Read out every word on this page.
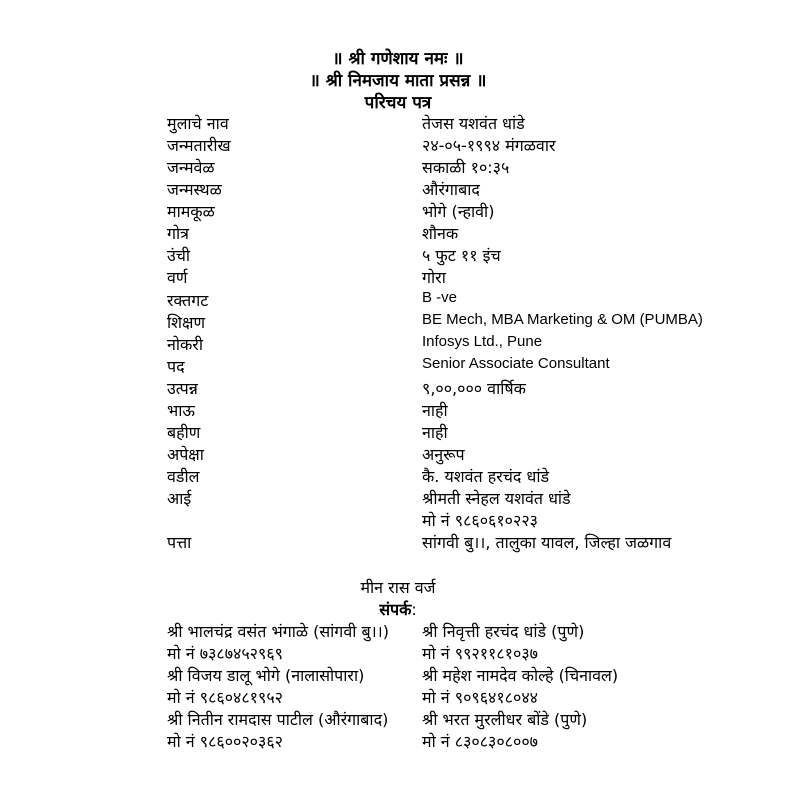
॥ श्री गणेशाय नमः ॥
॥ श्री निमजाय माता प्रसन्न ॥
परिचय पत्र
मुलाचे नाव	तेजस यशवंत धांडे
जन्मतारीख	२४-०५-१९९४ मंगळवार
जन्मवेळ	सकाळी १०:३५
जन्मस्थळ	औरंगाबाद
मामकूळ	भोगे (न्हावी)
गोत्र	शौनक
उंची	५ फुट ११ इंच
वर्ण	गोरा
रक्तगट	B -ve
शिक्षण	BE Mech, MBA Marketing & OM (PUMBA)
नोकरी	Infosys Ltd., Pune
पद	Senior Associate Consultant
उत्पन्न	९,००,००० वार्षिक
भाऊ	नाही
बहीण	नाही
अपेक्षा	अनुरूप
वडील	कै. यशवंत हरचंद धांडे
आई	श्रीमती स्नेहल यशवंत धांडे
मो नं ९८६०६१०२२३
पत्ता	सांगवी बु।।, तालुका यावल, जिल्हा जळगाव
मीन रास वर्ज
संपर्क:
श्री भालचंद्र वसंत भंगाळे (सांगवी बु।।) श्री निवृत्ती हरचंद धांडे (पुणे)
मो नं ७३८७४५२९६९	मो नं ९९२११८१०३७
श्री विजय डालू भोगे (नालासोपारा)	श्री महेश नामदेव कोल्हे (चिनावल)
मो नं ९८६०४८१९५२	मो नं ९०९६४१८०४४
श्री नितीन रामदास पाटील (औरंगाबाद) श्री भरत मुरलीधर बोंडे (पुणे)
मो नं ९८६००२०३६२	मो नं ८३०८३०८००७
